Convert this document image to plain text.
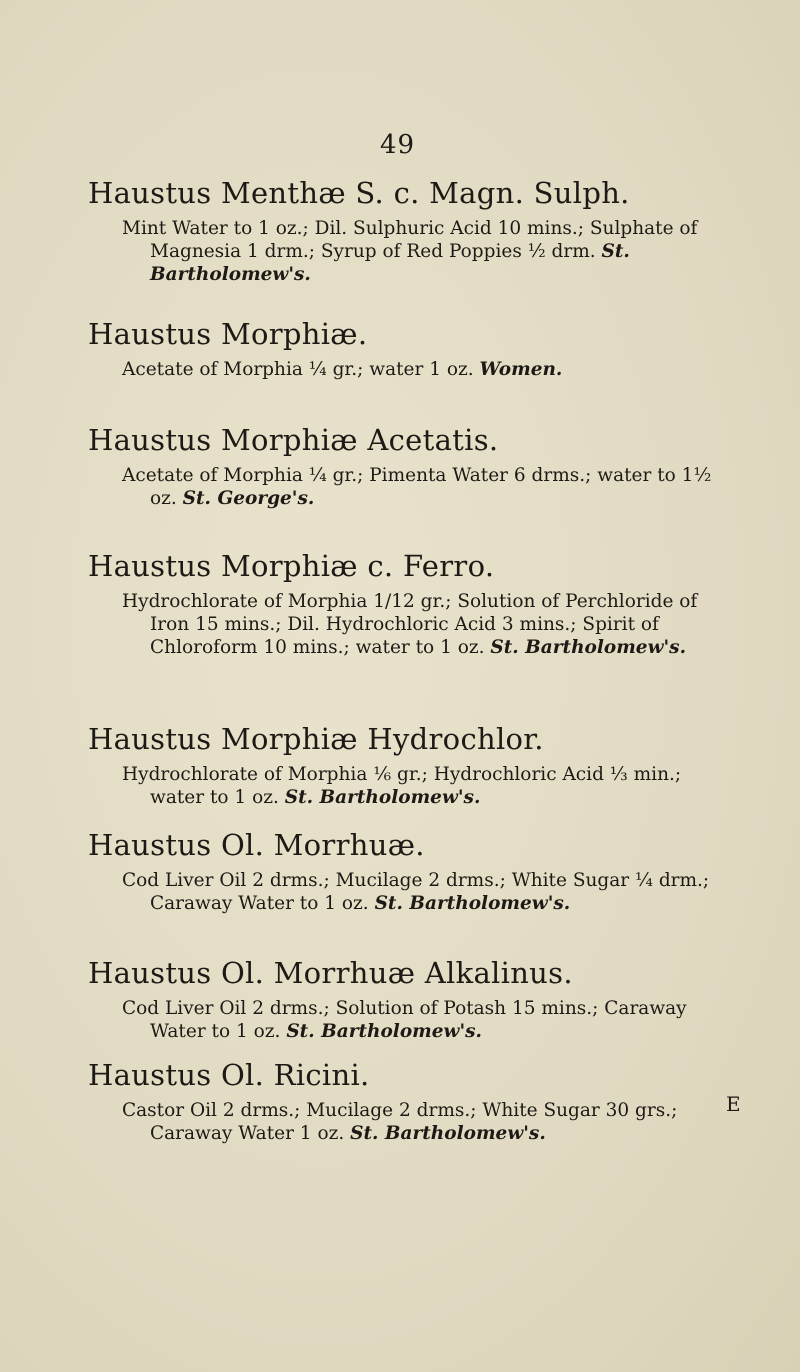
49
Haustus Menthæ S. c. Magn. Sulph.

Mint Water to 1 oz.; Dil. Sulphuric Acid 10 mins.; Sulphate of Magnesia 1 drm.; Syrup of Red Poppies ½ drm. St. Bartholomew's.

Haustus Morphiæ.

Acetate of Morphia ¼ gr.; water 1 oz. Women.

Haustus Morphiæ Acetatis.

Acetate of Morphia ¼ gr.; Pimenta Water 6 drms.; water to 1½ oz. St. George's.

Haustus Morphiæ c. Ferro.

Hydrochlorate of Morphia 1/12 gr.; Solution of Perchloride of Iron 15 mins.; Dil. Hydrochloric Acid 3 mins.; Spirit of Chloroform 10 mins.; water to 1 oz. St. Bartholomew's.

Haustus Morphiæ Hydrochlor.

Hydrochlorate of Morphia ⅙ gr.; Hydrochloric Acid ⅓ min.; water to 1 oz. St. Bartholomew's.

Haustus Ol. Morrhuæ.

Cod Liver Oil 2 drms.; Mucilage 2 drms.; White Sugar ¼ drm.; Caraway Water to 1 oz. St. Bartholomew's.

Haustus Ol. Morrhuæ Alkalinus.

Cod Liver Oil 2 drms.; Solution of Potash 15 mins.; Caraway Water to 1 oz. St. Bartholomew's.

Haustus Ol. Ricini.

Castor Oil 2 drms.; Mucilage 2 drms.; White Sugar 30 grs.; Caraway Water 1 oz. St. Bartholomew's.

E
